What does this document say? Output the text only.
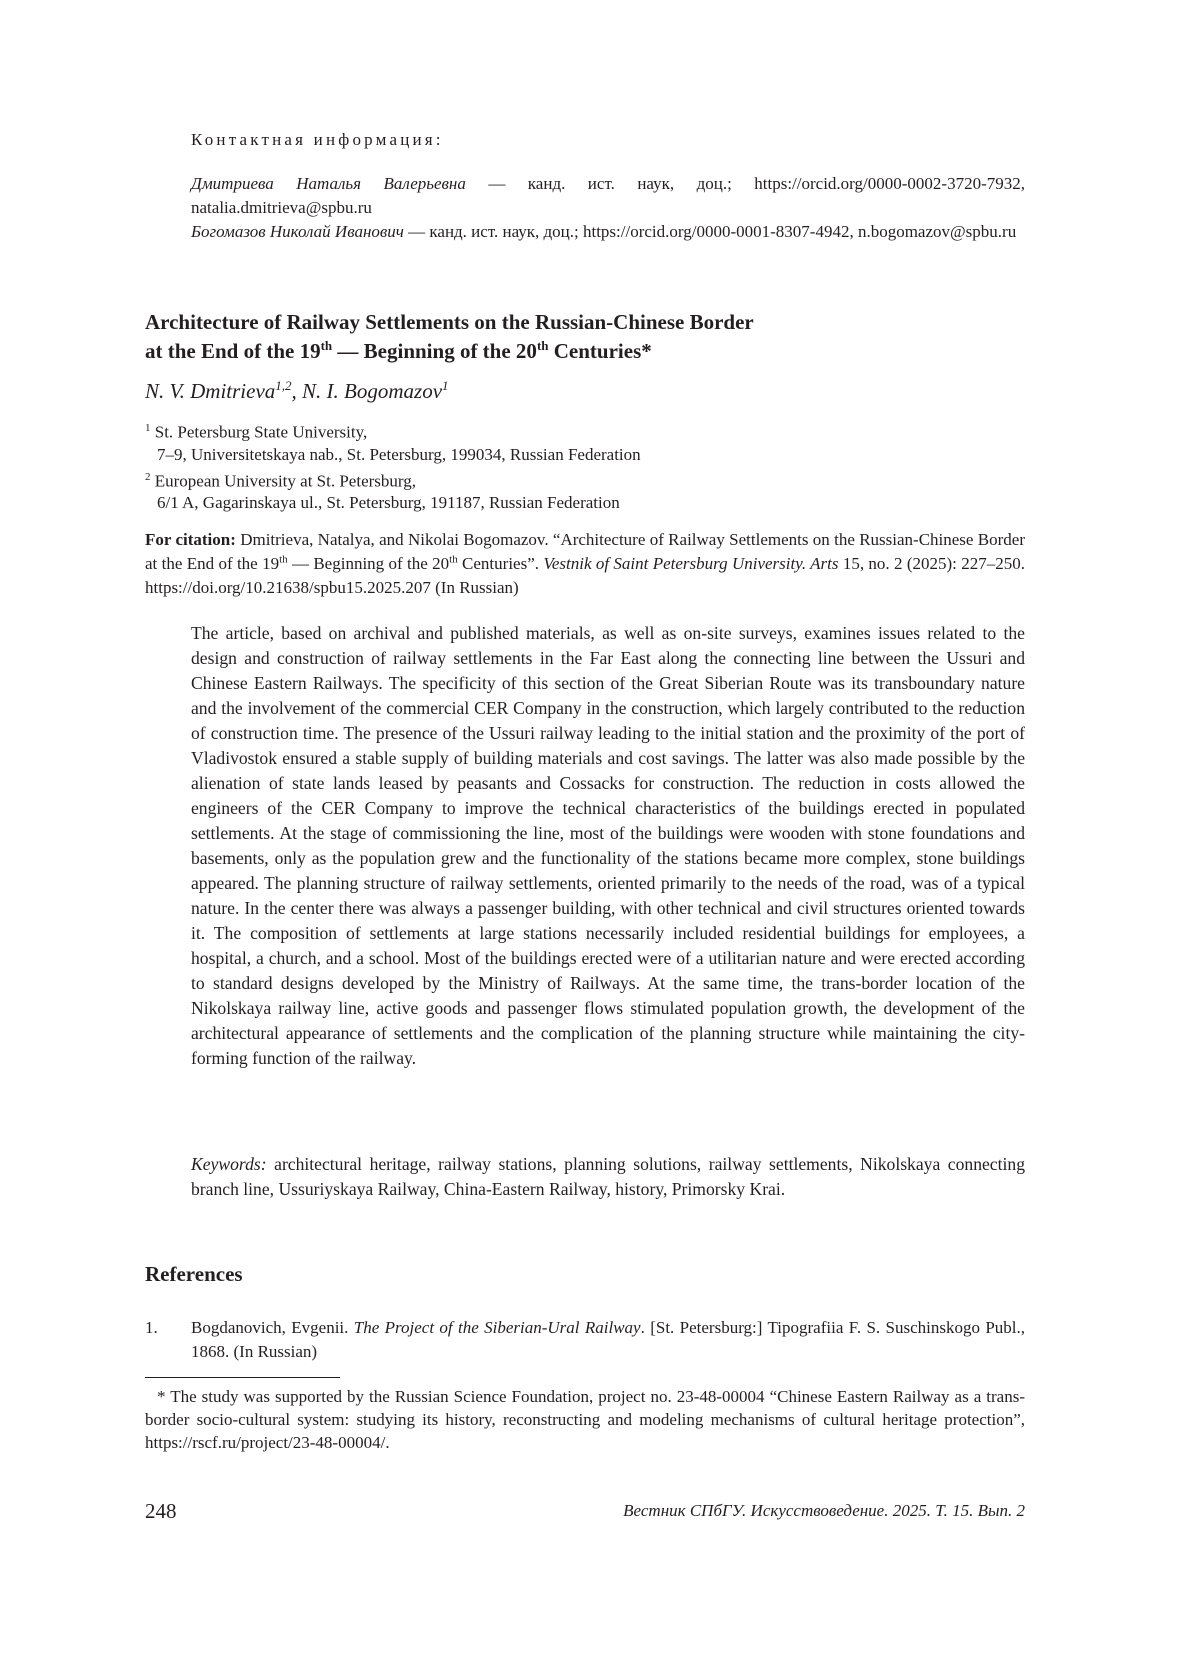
Контактная информация:

Дмитриева Наталья Валерьевна — канд. ист. наук, доц.; https://orcid.org/0000-0002-3720-7932, natalia.dmitrieva@spbu.ru

Богомазов Николай Иванович — канд. ист. наук, доц.; https://orcid.org/0000-0001-8307-4942, n.bogomazov@spbu.ru

Architecture of Railway Settlements on the Russian-Chinese Border
at the End of the 19th — Beginning of the 20th Centuries*
N. V. Dmitrieva$^{1,2}$, N. I. Bogomazov$^1$
$^1$ St. Petersburg State University,
7–9, Universitetskaya nab., St. Petersburg, 199034, Russian Federation
$^2$ European University at St. Petersburg,
6/1 A, Gagarinskaya ul., St. Petersburg, 191187, Russian Federation
For citation: Dmitrieva, Natalya, and Nikolai Bogomazov. “Architecture of Railway Settlements on the Russian-Chinese Border at the End of the 19th — Beginning of the 20th Centuries”. Vestnik of Saint Petersburg University. Arts 15, no. 2 (2025): 227–250. https://doi.org/10.21638/spbu15.2025.207 (In Russian)
The article, based on archival and published materials, as well as on-site surveys, examines issues related to the design and construction of railway settlements in the Far East along the connecting line between the Ussuri and Chinese Eastern Railways. The specificity of this section of the Great Siberian Route was its transboundary nature and the involvement of the commercial CER Company in the construction, which largely contributed to the reduction of construction time. The presence of the Ussuri railway leading to the initial station and the proximity of the port of Vladivostok ensured a stable supply of building materials and cost savings. The latter was also made possible by the alienation of state lands leased by peasants and Cossacks for construction. The reduction in costs allowed the engineers of the CER Company to improve the technical characteristics of the buildings erected in populated settlements. At the stage of commissioning the line, most of the buildings were wooden with stone foundations and basements, only as the population grew and the functionality of the stations became more complex, stone buildings appeared. The planning structure of railway settlements, oriented primarily to the needs of the road, was of a typical nature. In the center there was always a passenger building, with other technical and civil structures oriented towards it. The composition of settlements at large stations necessarily included residential buildings for employees, a hospital, a church, and a school. Most of the buildings erected were of a utilitarian nature and were erected according to standard designs developed by the Ministry of Railways. At the same time, the trans-border location of the Nikolskaya railway line, active goods and passenger flows stimulated population growth, the development of the architectural appearance of settlements and the complication of the planning structure while maintaining the city-forming function of the railway.
Keywords: architectural heritage, railway stations, planning solutions, railway settlements, Nikolskaya connecting branch line, Ussuriyskaya Railway, China-Eastern Railway, history, Primorsky Krai.
References
1. Bogdanovich, Evgenii. The Project of the Siberian-Ural Railway. [St. Petersburg:] Tipografiia F. S. Suschinskogo Publ., 1868. (In Russian)
* The study was supported by the Russian Science Foundation, project no. 23-48-00004 “Chinese Eastern Railway as a trans-border socio-cultural system: studying its history, reconstructing and modeling mechanisms of cultural heritage protection”, https://rscf.ru/project/23-48-00004/.
248	Вестник СПбГУ. Искусствоведение. 2025. Т. 15. Вып. 2
